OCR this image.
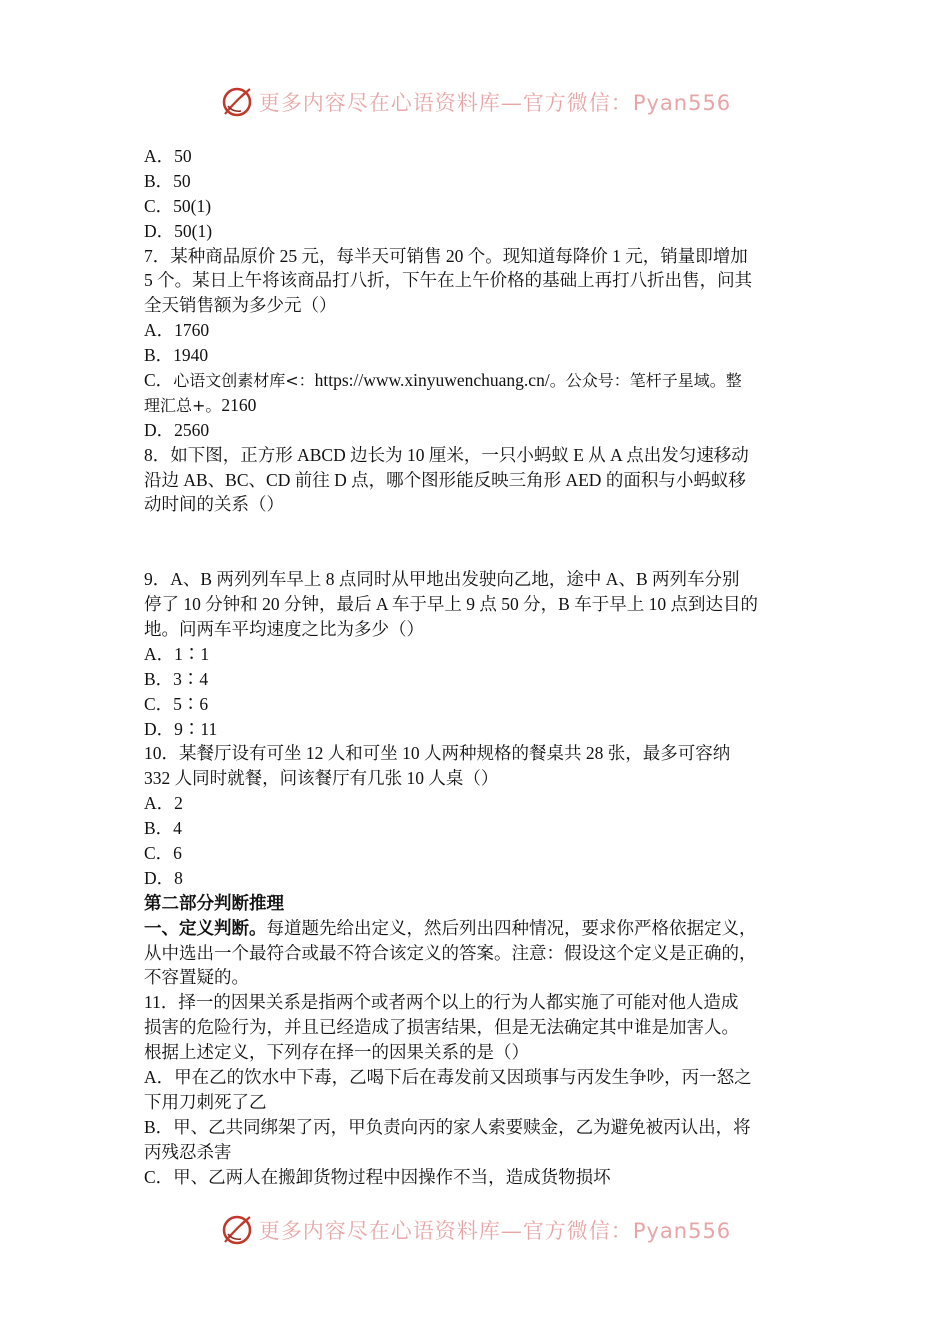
更多内容尽在心语资料库—官方微信：Pyan556
A．50
B．50
C．50(1)
D．50(1)
7．某种商品原价 25 元，每半天可销售 20 个。现知道每降价 1 元，销量即增加
5 个。某日上午将该商品打八折，下午在上午价格的基础上再打八折出售，问其
全天销售额为多少元（）
A．1760
B．1940
C．心语文创素材库<：https://www.xinyuwenchuang.cn/。公众号：笔杆子星域。整
理汇总+。2160
D．2560
8．如下图，正方形 ABCD 边长为 10 厘米，一只小蚂蚁 E 从 A 点出发匀速移动
沿边 AB、BC、CD 前往 D 点，哪个图形能反映三角形 AED 的面积与小蚂蚁移
动时间的关系（）
9．A、B 两列列车早上 8 点同时从甲地出发驶向乙地，途中 A、B 两列车分别
停了 10 分钟和 20 分钟，最后 A 车于早上 9 点 50 分，B 车于早上 10 点到达目的
地。问两车平均速度之比为多少（）
A．1∶1
B．3∶4
C．5∶6
D．9∶11
10．某餐厅设有可坐 12 人和可坐 10 人两种规格的餐桌共 28 张，最多可容纳
332 人同时就餐，问该餐厅有几张 10 人桌（）
A．2
B．4
C．6
D．8
第二部分判断推理
一、定义判断。每道题先给出定义，然后列出四种情况，要求你严格依据定义，
从中选出一个最符合或最不符合该定义的答案。注意：假设这个定义是正确的，
不容置疑的。
11．择一的因果关系是指两个或者两个以上的行为人都实施了可能对他人造成
损害的危险行为，并且已经造成了损害结果，但是无法确定其中谁是加害人。
根据上述定义，下列存在择一的因果关系的是（）
A．甲在乙的饮水中下毒，乙喝下后在毒发前又因琐事与丙发生争吵，丙一怒之
下用刀刺死了乙
B．甲、乙共同绑架了丙，甲负责向丙的家人索要赎金，乙为避免被丙认出，将
丙残忍杀害
C．甲、乙两人在搬卸货物过程中因操作不当，造成货物损坏
更多内容尽在心语资料库—官方微信：Pyan556
